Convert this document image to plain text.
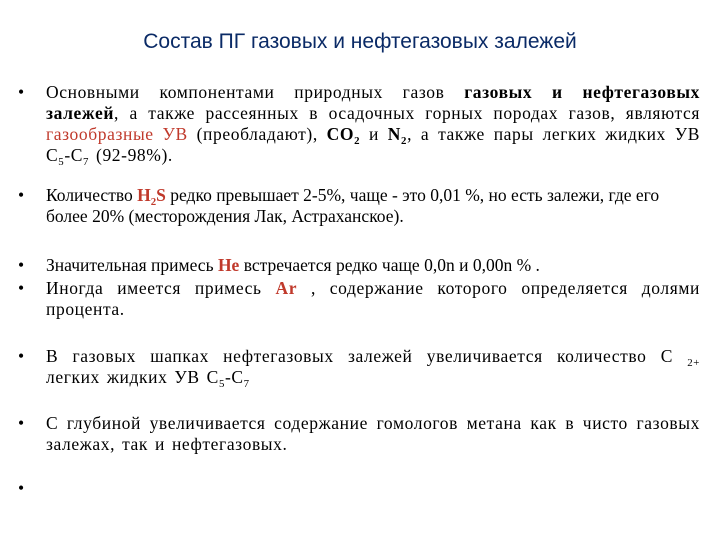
Состав ПГ газовых и нефтегазовых залежей
•	Основными компонентами природных газов газовых и нефтегазовых залежей, а также рассеянных в осадочных горных породах газов, являются газообразные УВ (преобладают), $СО_2$ и $N_2$, а также пары легких жидких УВ $С_5-С_7$ (92-98%).
•	Количество $H_2S$ редко превышает 2-5%, чаще - это 0,01 %, но есть залежи, где его более 20% (месторождения Лак, Астраханское).
•	Значительная примесь Не встречается редко чаще 0,0n и 0,00n % .
•	Иногда имеется примесь Ar , содержание которого определяется долями процента.
•	В газовых шапках нефтегазовых залежей увеличивается количество С $_{2+}$ легких жидких УВ $С_5-С_7$
•	С глубиной увеличивается содержание гомологов метана как в чисто газовых залежах, так и нефтегазовых.
•
